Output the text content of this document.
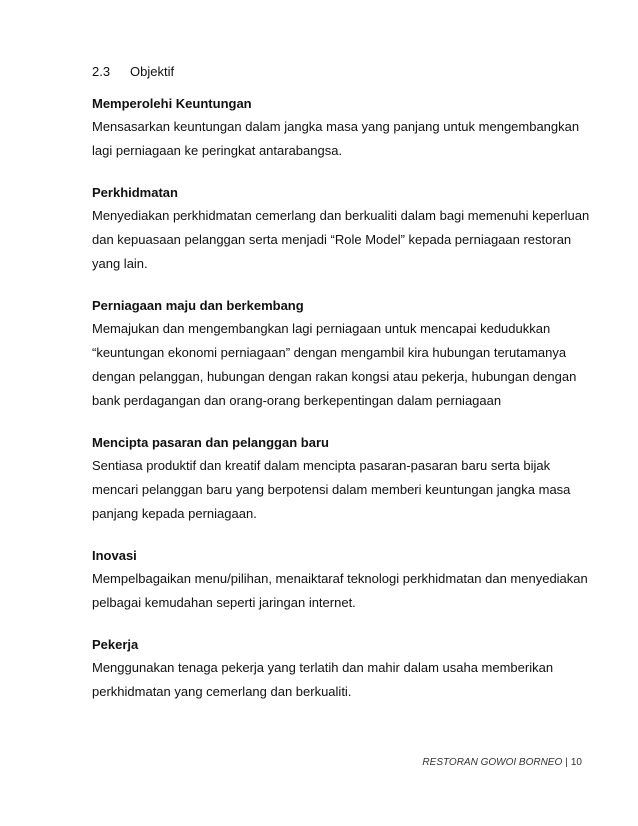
2.3	Objektif
Memperolehi Keuntungan

Mensasarkan keuntungan dalam jangka masa yang panjang untuk mengembangkan

lagi perniagaan ke peringkat antarabangsa.

Perkhidmatan

Menyediakan perkhidmatan cemerlang dan berkualiti dalam bagi memenuhi keperluan

dan kepuasaan pelanggan serta menjadi “Role Model” kepada perniagaan restoran

yang lain.

Perniagaan maju dan berkembang

Memajukan dan mengembangkan lagi perniagaan untuk mencapai kedudukkan

“keuntungan ekonomi perniagaan” dengan mengambil kira hubungan terutamanya

dengan pelanggan, hubungan dengan rakan kongsi atau pekerja, hubungan dengan

bank perdagangan dan orang-orang berkepentingan dalam perniagaan

Mencipta pasaran dan pelanggan baru

Sentiasa produktif dan kreatif dalam mencipta pasaran-pasaran baru serta bijak

mencari pelanggan baru yang berpotensi dalam memberi keuntungan jangka masa

panjang kepada perniagaan.

Inovasi

Mempelbagaikan menu/pilihan, menaiktaraf teknologi perkhidmatan dan menyediakan

pelbagai kemudahan seperti jaringan internet.

Pekerja

Menggunakan tenaga pekerja yang terlatih dan mahir dalam usaha memberikan

perkhidmatan yang cemerlang dan berkualiti.

RESTORAN GOWOI BORNEO | 10
